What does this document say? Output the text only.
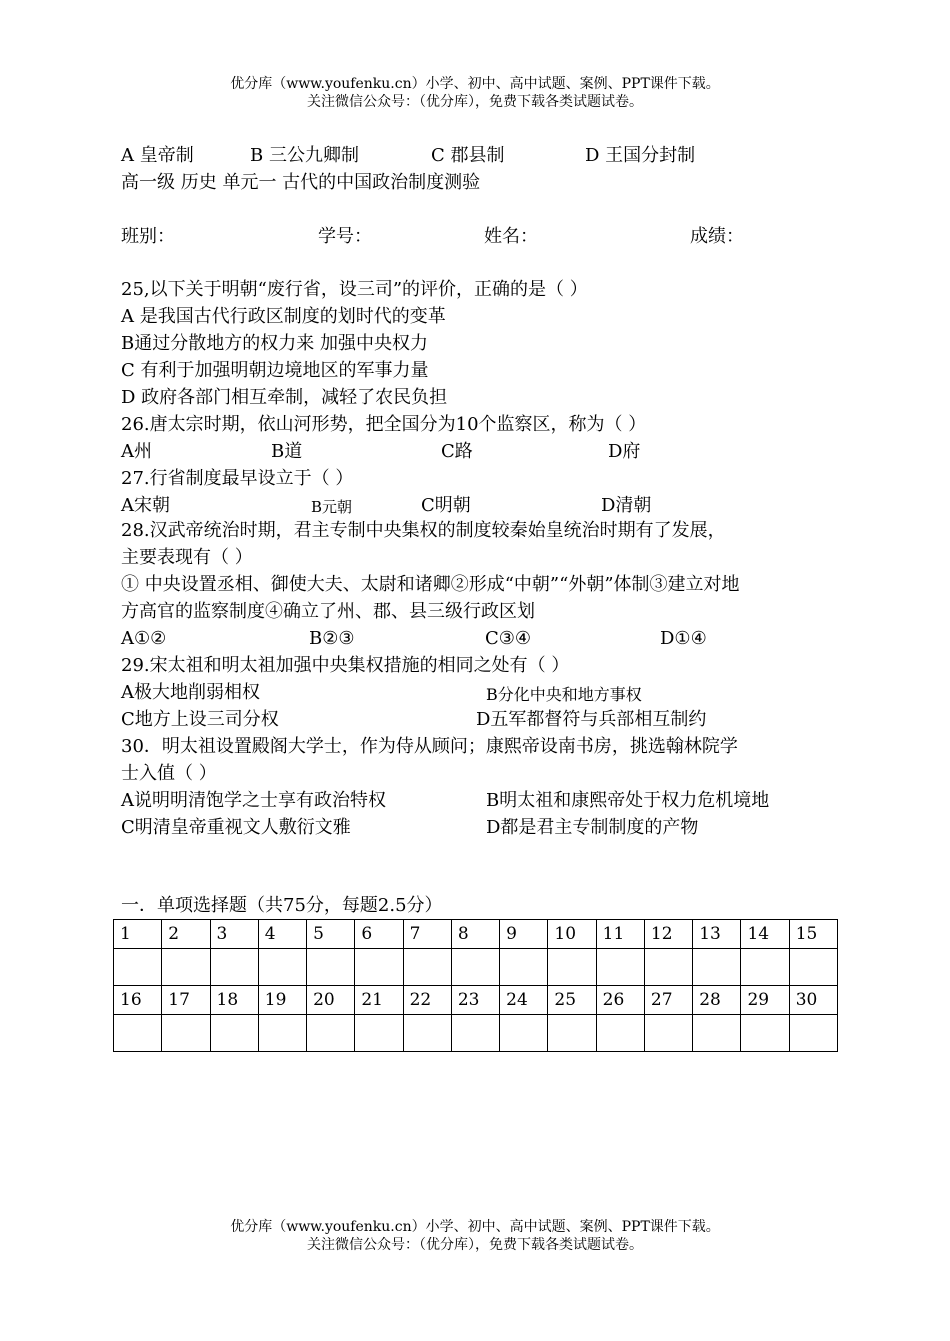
优分库（www.youfenku.cn）小学、初中、高中试题、案例、PPT课件下载。
关注微信公众号：（优分库），免费下载各类试题试卷。
A 皇帝制	B 三公九卿制	C 郡县制	D 王国分封制
高一级 历史 单元一 古代的中国政治制度测验
班别：	学号：	姓名：	成绩：
25,以下关于明朝“废行省，设三司”的评价，正确的是（ ）
A 是我国古代行政区制度的划时代的变革
B通过分散地方的权力来 加强中央权力
C 有利于加强明朝边境地区的军事力量
D 政府各部门相互牵制，减轻了农民负担
26.唐太宗时期，依山河形势，把全国分为10个监察区，称为（ ）
A州	B道	C路	D府
27.行省制度最早设立于（ ）
A宋朝	B元朝	C明朝	D清朝
28.汉武帝统治时期，君主专制中央集权的制度较秦始皇统治时期有了发展，
主要表现有（ ）
① 中央设置丞相、御使大夫、太尉和诸卿②形成“中朝”“外朝”体制③建立对地
方高官的监察制度④确立了州、郡、县三级行政区划
A①②	B②③	C③④	D①④
29.宋太祖和明太祖加强中央集权措施的相同之处有（ ）
A极大地削弱相权	B分化中央和地方事权
C地方上设三司分权	D五军都督符与兵部相互制约
30．明太祖设置殿阁大学士，作为侍从顾问；康熙帝设南书房，挑选翰林院学
士入值（ ）
A说明明清饱学之士享有政治特权	B明太祖和康熙帝处于权力危机境地
C明清皇帝重视文人敷衍文雅	D都是君主专制制度的产物
一．单项选择题（共75分，每题2.5分）
1	2	3	4	5	6	7	8	9	10	11	12	13	14	15

16	17	18	19	20	21	22	23	24	25	26	27	28	29	30

优分库（www.youfenku.cn）小学、初中、高中试题、案例、PPT课件下载。
关注微信公众号：（优分库），免费下载各类试题试卷。
